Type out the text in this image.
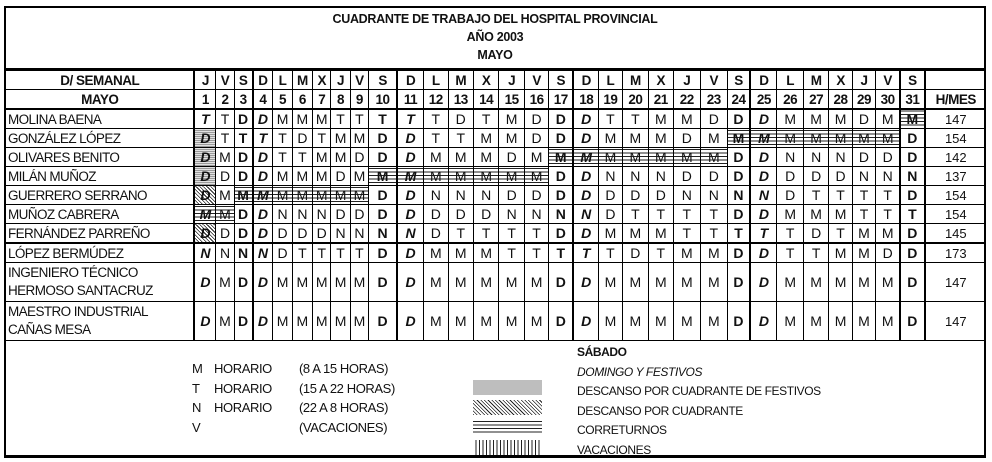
CUADRANTE DE TRABAJO DEL HOSPITAL PROVINCIAL
AÑO 2003
MAYO
D/ SEMANAL	J	V	S	D	L	M	X	J	V	S	D	L	M	X	J	V	S	D	L	M	X	J	V	S	D	L	M	X	J	V	S	
MAYO	1	2	3	4	5	6	7	8	9	10	11	12	13	14	15	16	17	18	19	20	21	22	23	24	25	26	27	28	29	30	31	H/MES
MOLINA BAENA	T	T	D	D	M	M	M	T	T	T	T	T	D	T	M	D	D	D	T	T	M	M	D	D	D	M	M	M	D	M	M	147
GONZÁLEZ LÓPEZ	D	T	T	T	T	D	T	M	M	D	D	T	T	M	M	D	D	D	M	M	M	D	M	M	M	M	M	M	M	M	D	154
OLIVARES BENITO	D	M	D	D	T	T	M	M	D	D	D	M	M	M	D	M	M	M	M	M	M	M	M	D	D	N	N	N	D	D	D	142
MILÁN MUÑOZ	D	D	D	D	M	M	M	D	M	M	M	M	M	M	M	M	D	D	N	N	N	D	D	D	D	D	D	D	N	N	N	137
GUERRERO SERRANO	D	M	M	M	M	M	M	M	M	D	D	N	N	N	D	D	D	D	D	D	D	N	N	N	N	D	T	T	T	T	D	154
MUÑOZ CABRERA	M	M	D	D	N	N	N	D	D	D	D	D	D	D	N	N	N	N	D	T	T	T	T	D	D	M	M	M	T	T	T	154
FERNÁNDEZ PARREÑO	D	D	D	D	D	D	D	N	N	N	N	D	T	T	T	T	D	D	M	M	M	T	T	T	T	T	D	T	M	M	D	145
LÓPEZ BERMÚDEZ	N	N	N	N	D	T	T	T	T	D	D	M	M	M	T	T	T	T	T	D	T	M	M	D	D	T	T	M	M	D	D	173

INGENIERO TÉCNICO
HERMOSO SANTACRUZ	D	M	D	D	M	M	M	M	M	D	D	M	M	M	M	M	D	D	M	M	M	M	M	D	D	M	M	M	M	M	D	147

MAESTRO INDUSTRIAL
CAÑAS MESA	D	M	D	D	M	M	M	M	M	D	D	M	M	M	M	M	D	D	M	M	M	M	M	D	D	M	M	M	M	M	D	147
M HORARIO	(8 A 15 HORAS)
T	HORARIO	(15 A 22 HORAS)
N	HORARIO	(22 A 8 HORAS)
V	(VACACIONES)
SÁBADO
DOMINGO Y FESTIVOS
DESCANSO POR CUADRANTE DE FESTIVOS
DESCANSO POR CUADRANTE
CORRETURNOS
VACACIONES
